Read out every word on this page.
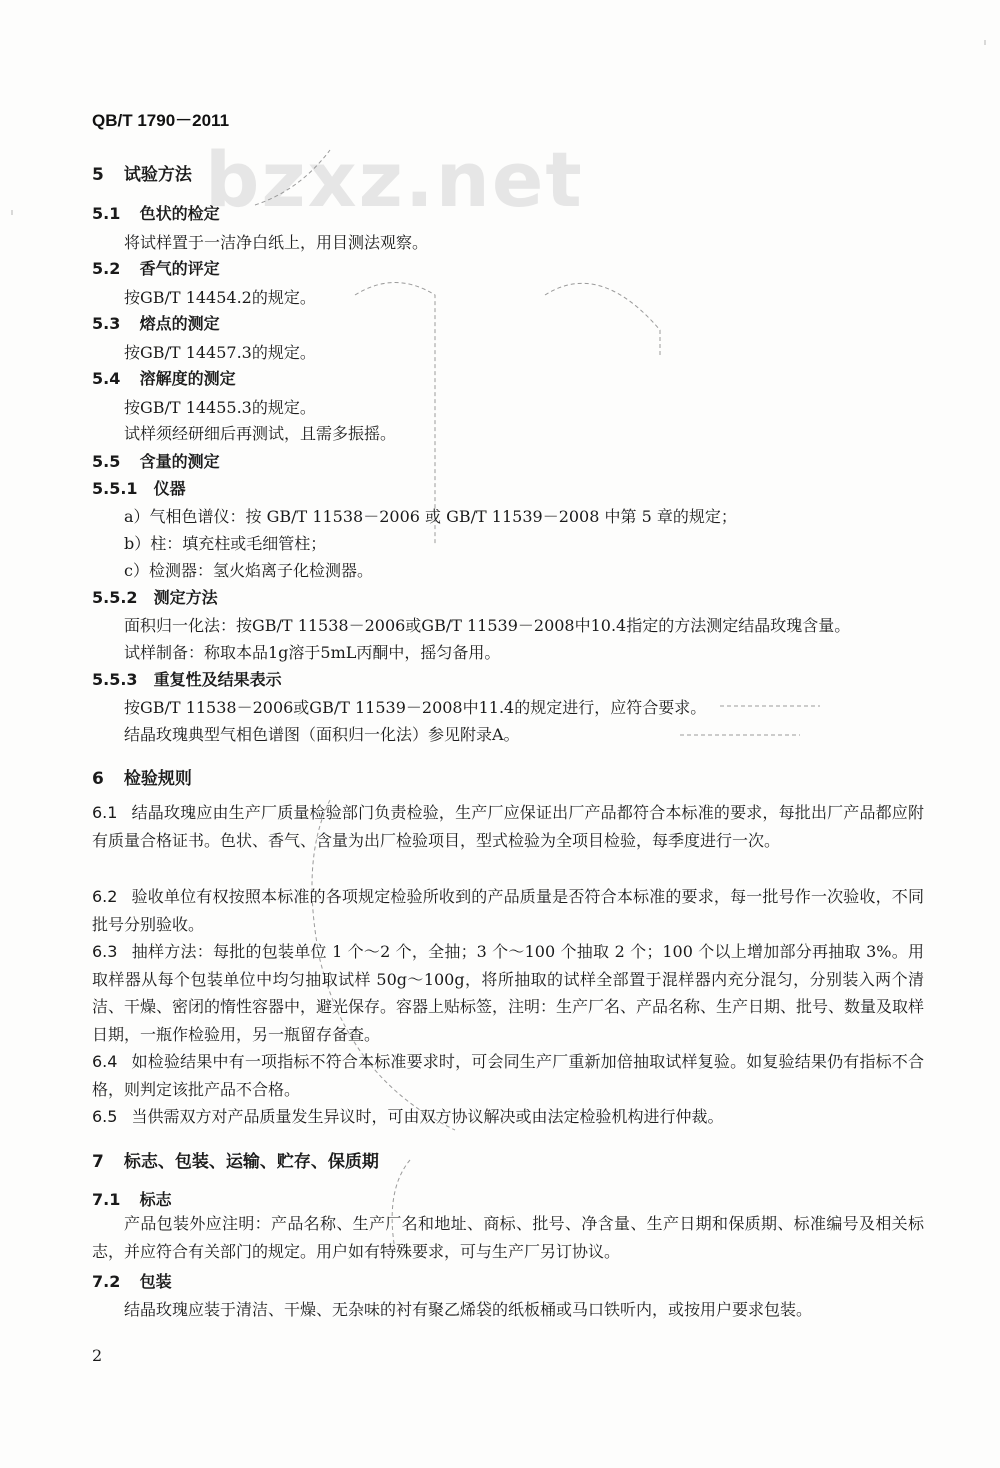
bzxz.net
QB/T 1790－2011
5 试验方法
5.1 色状的检定
将试样置于一洁净白纸上，用目测法观察。
5.2 香气的评定
按GB/T 14454.2的规定。
5.3 熔点的测定
按GB/T 14457.3的规定。
5.4 溶解度的测定
按GB/T 14455.3的规定。
试样须经研细后再测试，且需多振摇。
5.5 含量的测定
5.5.1 仪器
a）气相色谱仪：按 GB/T 11538－2006 或 GB/T 11539－2008 中第 5 章的规定；
b）柱：填充柱或毛细管柱；
c）检测器：氢火焰离子化检测器。
5.5.2 测定方法
面积归一化法：按GB/T 11538－2006或GB/T 11539－2008中10.4指定的方法测定结晶玫瑰含量。
试样制备：称取本品1g溶于5mL丙酮中，摇匀备用。
5.5.3 重复性及结果表示
按GB/T 11538－2006或GB/T 11539－2008中11.4的规定进行，应符合要求。
结晶玫瑰典型气相色谱图（面积归一化法）参见附录A。
6 检验规则
6.1 结晶玫瑰应由生产厂质量检验部门负责检验，生产厂应保证出厂产品都符合本标准的要求，每批出厂产品都应附有质量合格证书。色状、香气、含量为出厂检验项目，型式检验为全项目检验，每季度进行一次。
6.2 验收单位有权按照本标准的各项规定检验所收到的产品质量是否符合本标准的要求，每一批号作一次验收，不同批号分别验收。
6.3 抽样方法：每批的包装单位 1 个～2 个，全抽；3 个～100 个抽取 2 个；100 个以上增加部分再抽取 3%。用取样器从每个包装单位中均匀抽取试样 50g～100g，将所抽取的试样全部置于混样器内充分混匀，分别装入两个清洁、干燥、密闭的惰性容器中，避光保存。容器上贴标签，注明：生产厂名、产品名称、生产日期、批号、数量及取样日期，一瓶作检验用，另一瓶留存备查。
6.4 如检验结果中有一项指标不符合本标准要求时，可会同生产厂重新加倍抽取试样复验。如复验结果仍有指标不合格，则判定该批产品不合格。
6.5 当供需双方对产品质量发生异议时，可由双方协议解决或由法定检验机构进行仲裁。
7 标志、包装、运输、贮存、保质期
7.1 标志
产品包装外应注明：产品名称、生产厂名和地址、商标、批号、净含量、生产日期和保质期、标准编号及相关标志，并应符合有关部门的规定。用户如有特殊要求，可与生产厂另订协议。
7.2 包装
结晶玫瑰应装于清洁、干燥、无杂味的衬有聚乙烯袋的纸板桶或马口铁听内，或按用户要求包装。
2
